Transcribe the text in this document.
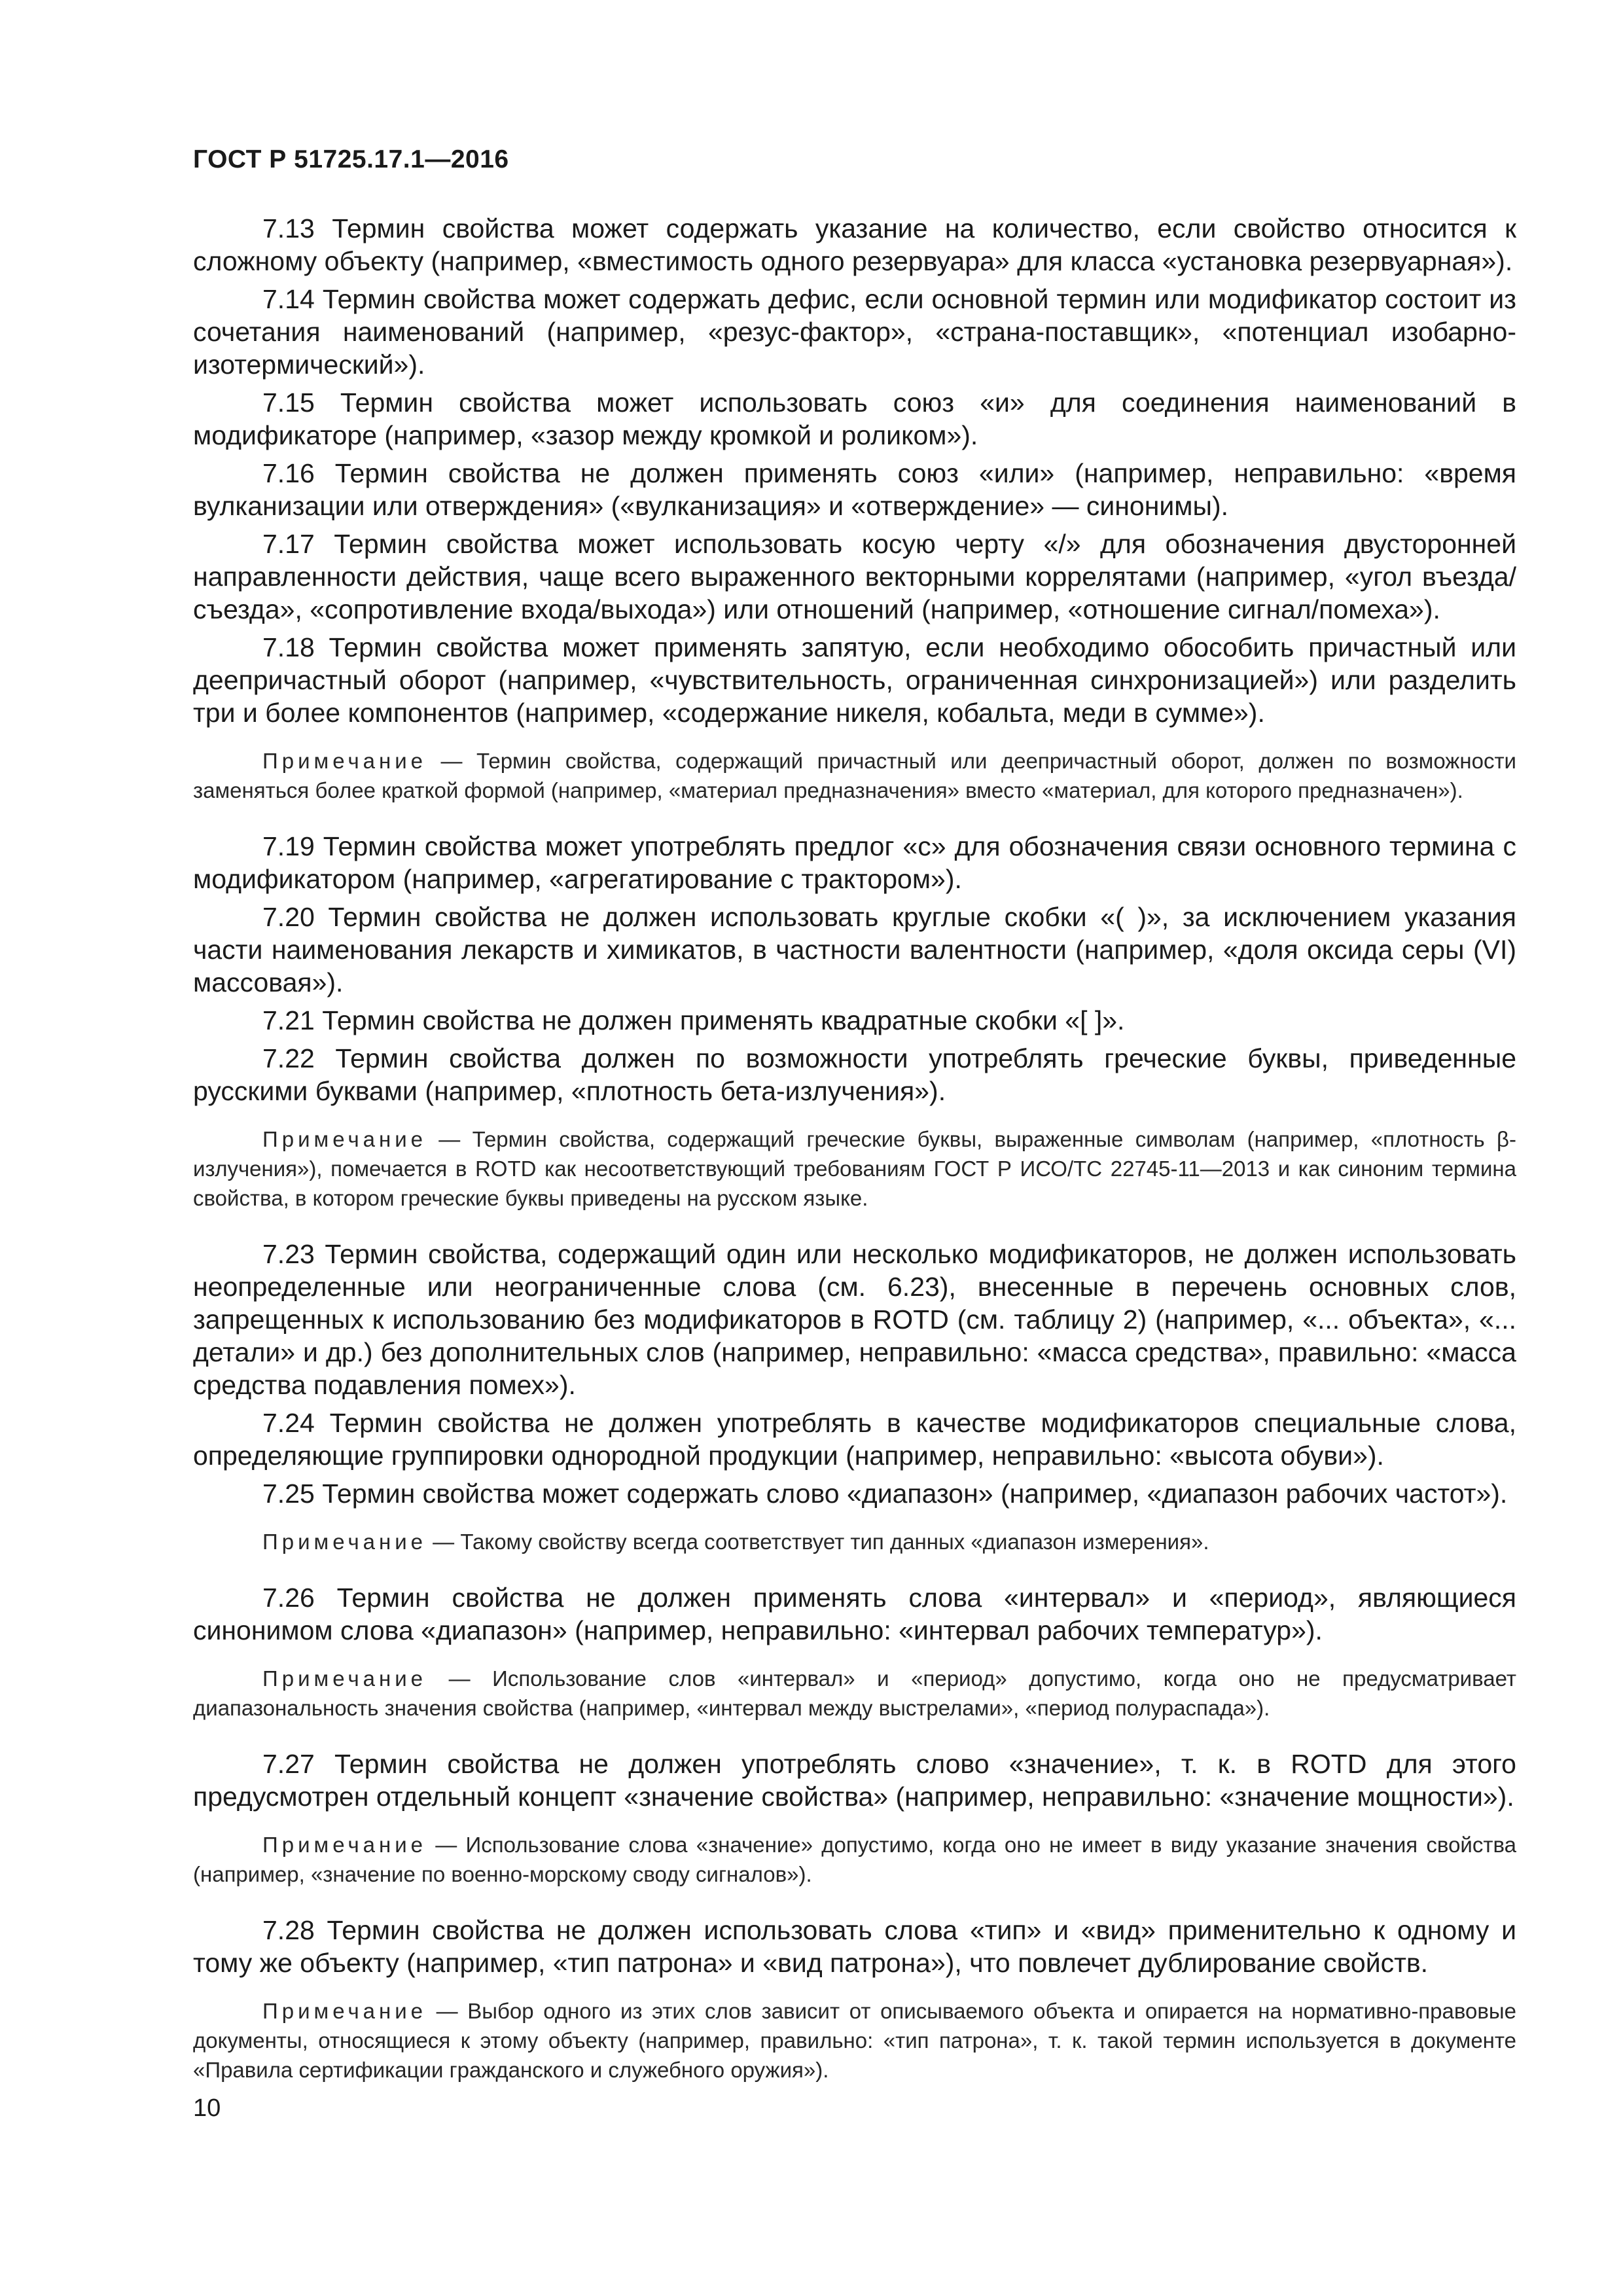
ГОСТ Р 51725.17.1—2016

7.13 Термин свойства может содержать указание на количество, если свойство относится к сложному объекту (например, «вместимость одного резервуара» для класса «установка резервуарная»).

7.14 Термин свойства может содержать дефис, если основной термин или модификатор состоит из сочетания наименований (например, «резус-фактор», «страна-поставщик», «потенциал изобарно-изотермический»).

7.15 Термин свойства может использовать союз «и» для соединения наименований в модификаторе (например, «зазор между кромкой и роликом»).

7.16 Термин свойства не должен применять союз «или» (например, неправильно: «время вулканизации или отверждения» («вулканизация» и «отверждение» — синонимы).

7.17 Термин свойства может использовать косую черту «/» для обозначения двусторонней направленности действия, чаще всего выраженного векторными коррелятами (например, «угол въезда/съезда», «сопротивление входа/выхода») или отношений (например, «отношение сигнал/помеха»).

7.18 Термин свойства может применять запятую, если необходимо обособить причастный или деепричастный оборот (например, «чувствительность, ограниченная синхронизацией») или разделить три и более компонентов (например, «содержание никеля, кобальта, меди в сумме»).

Примечание — Термин свойства, содержащий причастный или деепричастный оборот, должен по возможности заменяться более краткой формой (например, «материал предназначения» вместо «материал, для которого предназначен»).

7.19 Термин свойства может употреблять предлог «с» для обозначения связи основного термина с модификатором (например, «агрегатирование с трактором»).

7.20 Термин свойства не должен использовать круглые скобки «( )», за исключением указания части наименования лекарств и химикатов, в частности валентности (например, «доля оксида серы (VI) массовая»).

7.21 Термин свойства не должен применять квадратные скобки «[ ]».

7.22 Термин свойства должен по возможности употреблять греческие буквы, приведенные русскими буквами (например, «плотность бета-излучения»).

Примечание — Термин свойства, содержащий греческие буквы, выраженные символам (например, «плотность β-излучения»), помечается в ROTD как несоответствующий требованиям ГОСТ Р ИСО/ТС 22745-11—2013 и как синоним термина свойства, в котором греческие буквы приведены на русском языке.

7.23 Термин свойства, содержащий один или несколько модификаторов, не должен использовать неопределенные или неограниченные слова (см. 6.23), внесенные в перечень основных слов, запрещенных к использованию без модификаторов в ROTD (см. таблицу 2) (например, «... объекта», «... детали» и др.) без дополнительных слов (например, неправильно: «масса средства», правильно: «масса средства подавления помех»).

7.24 Термин свойства не должен употреблять в качестве модификаторов специальные слова, определяющие группировки однородной продукции (например, неправильно: «высота обуви»).

7.25 Термин свойства может содержать слово «диапазон» (например, «диапазон рабочих частот»).

Примечание — Такому свойству всегда соответствует тип данных «диапазон измерения».

7.26 Термин свойства не должен применять слова «интервал» и «период», являющиеся синонимом слова «диапазон» (например, неправильно: «интервал рабочих температур»).

Примечание — Использование слов «интервал» и «период» допустимо, когда оно не предусматривает диапазональность значения свойства (например, «интервал между выстрелами», «период полураспада»).

7.27 Термин свойства не должен употреблять слово «значение», т. к. в ROTD для этого предусмотрен отдельный концепт «значение свойства» (например, неправильно: «значение мощности»).

Примечание — Использование слова «значение» допустимо, когда оно не имеет в виду указание значения свойства (например, «значение по военно-морскому своду сигналов»).

7.28 Термин свойства не должен использовать слова «тип» и «вид» применительно к одному и тому же объекту (например, «тип патрона» и «вид патрона»), что повлечет дублирование свойств.

Примечание — Выбор одного из этих слов зависит от описываемого объекта и опирается на нормативно-правовые документы, относящиеся к этому объекту (например, правильно: «тип патрона», т. к. такой термин используется в документе «Правила сертификации гражданского и служебного оружия»).

10
